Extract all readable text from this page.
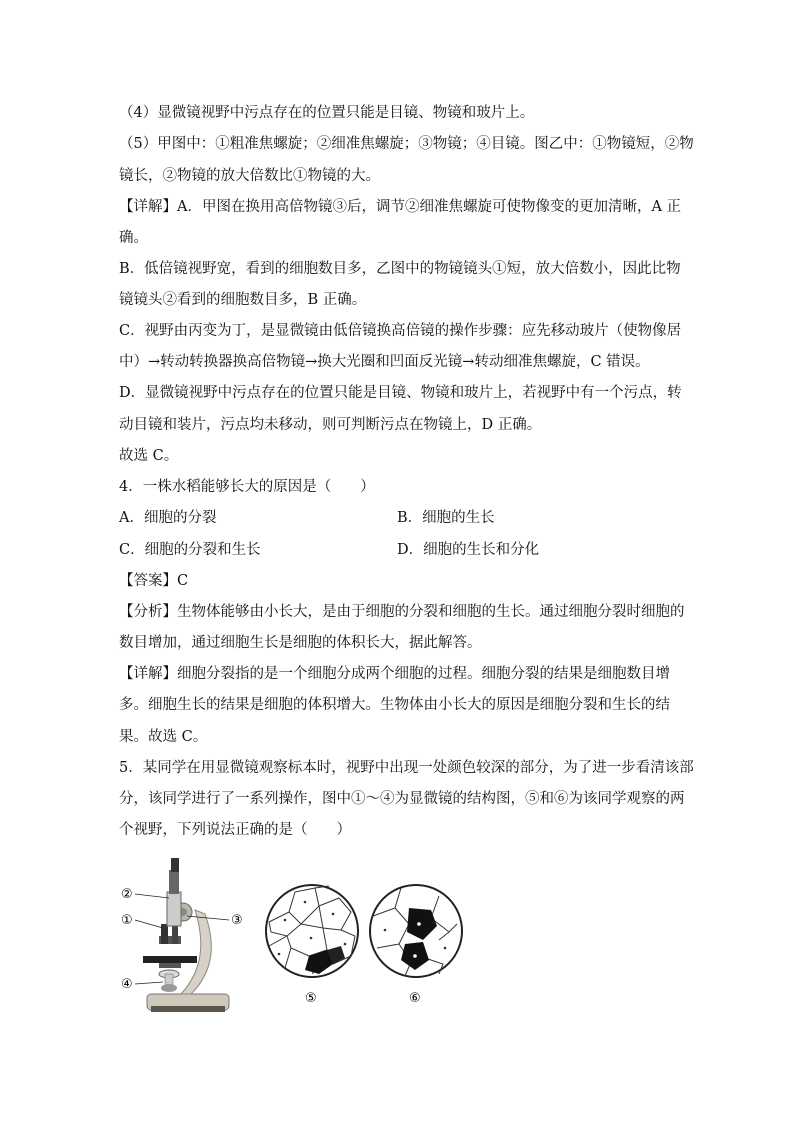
（4）显微镜视野中污点存在的位置只能是目镜、物镜和玻片上。
（5）甲图中：①粗准焦螺旋；②细准焦螺旋；③物镜；④目镜。图乙中：①物镜短，②物
镜长，②物镜的放大倍数比①物镜的大。
【详解】A．甲图在换用高倍物镜③后，调节②细准焦螺旋可使物像变的更加清晰，A 正
确。
B．低倍镜视野宽，看到的细胞数目多，乙图中的物镜镜头①短，放大倍数小，因此比物
镜镜头②看到的细胞数目多，B 正确。
C．视野由丙变为丁，是显微镜由低倍镜换高倍镜的操作步骤：应先移动玻片（使物像居
中）→转动转换器换高倍物镜→换大光圈和凹面反光镜→转动细准焦螺旋，C 错误。
D．显微镜视野中污点存在的位置只能是目镜、物镜和玻片上，若视野中有一个污点，转
动目镜和装片，污点均未移动，则可判断污点在物镜上，D 正确。
故选 C。
4．一株水稻能够长大的原因是（　　）
A．细胞的分裂	B．细胞的生长
C．细胞的分裂和生长	D．细胞的生长和分化
【答案】C
【分析】生物体能够由小长大，是由于细胞的分裂和细胞的生长。通过细胞分裂时细胞的
数目增加，通过细胞生长是细胞的体积长大，据此解答。
【详解】细胞分裂指的是一个细胞分成两个细胞的过程。细胞分裂的结果是细胞数目增
多。细胞生长的结果是细胞的体积增大。生物体由小长大的原因是细胞分裂和生长的结
果。故选 C。
5．某同学在用显微镜观察标本时，视野中出现一处颜色较深的部分，为了进一步看清该部
分，该同学进行了一系列操作，图中①～④为显微镜的结构图，⑤和⑥为该同学观察的两
个视野，下列说法正确的是（　　）
②
①	③
④
⑤	⑥
